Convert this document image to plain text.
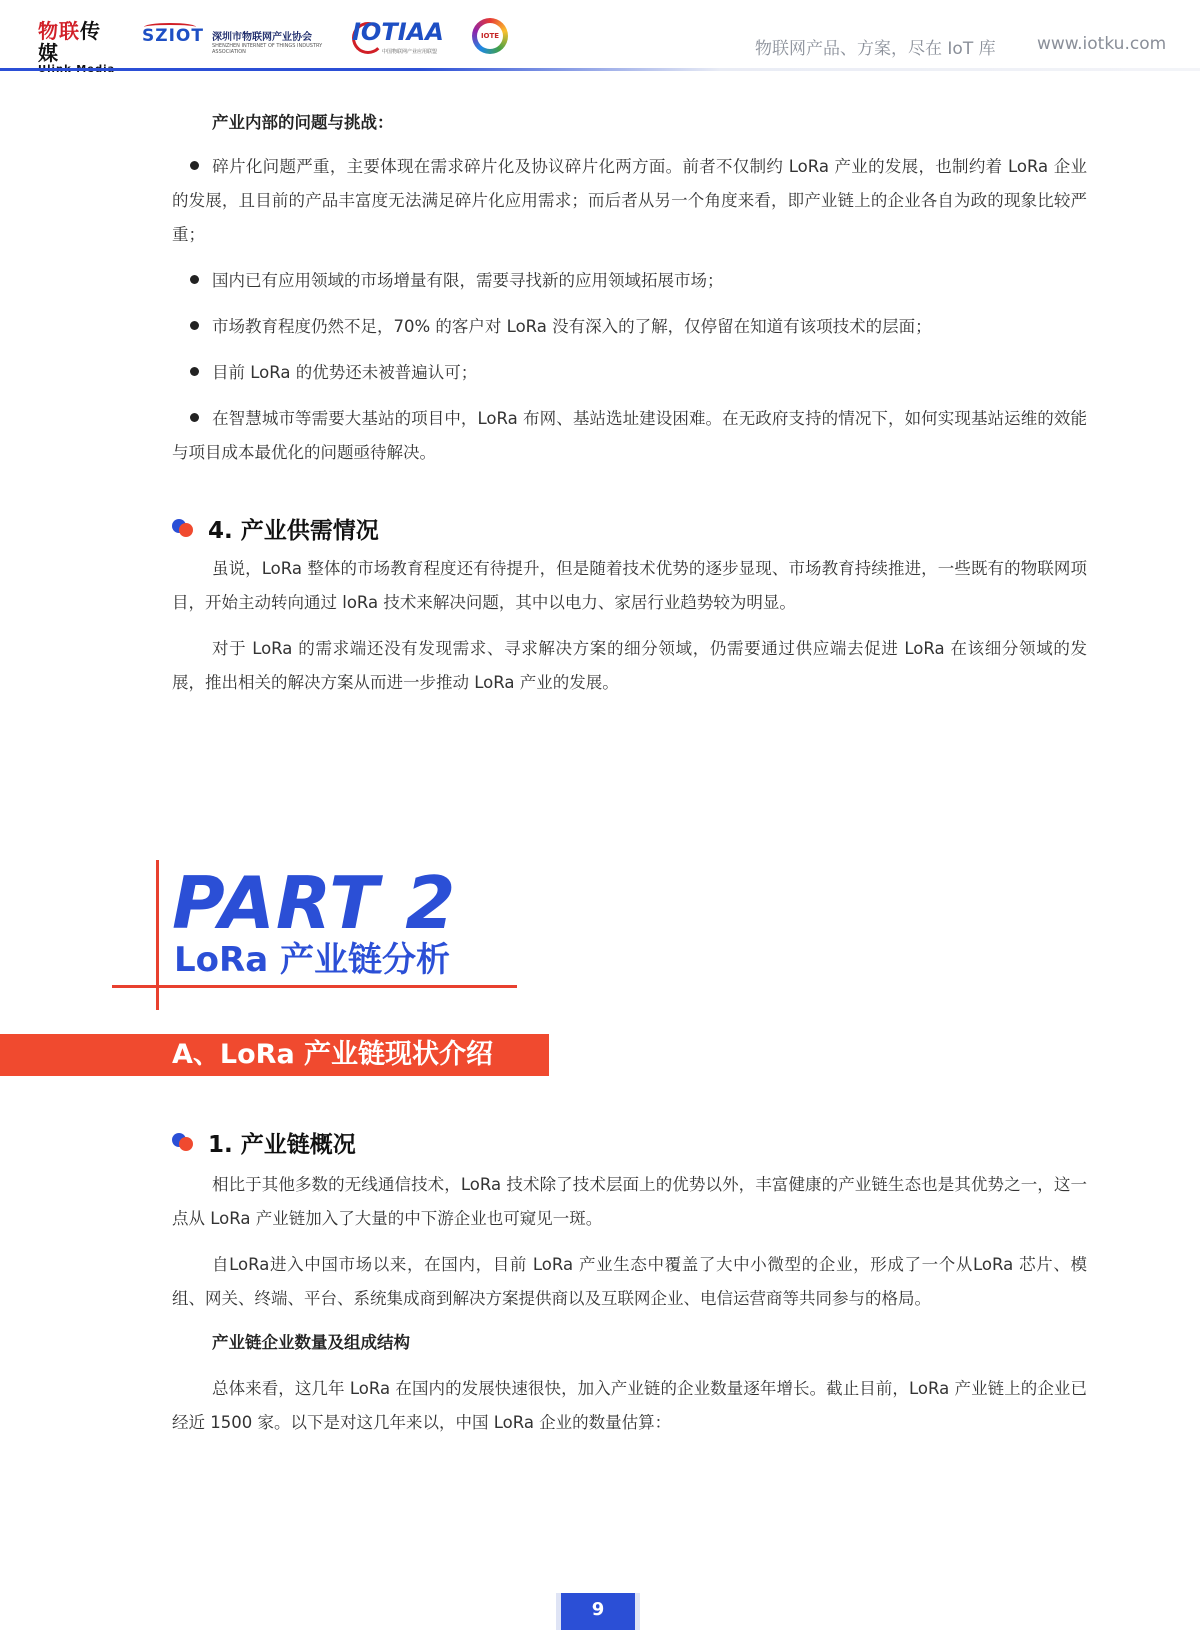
物联传媒
SZIOT 深圳市物联网产业协会
SHENZHEN INTERNET OF THINGS INDUSTRY ASSOCIATION
IOTIAA
中国物联网产业应用联盟
IOTE
物联网产品、方案，尽在 IoT 库 www.iotku.com

产业内部的问题与挑战：

碎片化问题严重，主要体现在需求碎片化及协议碎片化两方面。前者不仅制约 LoRa 产业的发展，也制约着 LoRa 企业的发展，且目前的产品丰富度无法满足碎片化应用需求；而后者从另一个角度来看，即产业链上的企业各自为政的现象比较严重；

国内已有应用领域的市场增量有限，需要寻找新的应用领域拓展市场；

市场教育程度仍然不足，70% 的客户对 LoRa 没有深入的了解，仅停留在知道有该项技术的层面；

目前 LoRa 的优势还未被普遍认可；

在智慧城市等需要大基站的项目中，LoRa 布网、基站选址建设困难。在无政府支持的情况下，如何实现基站运维的效能与项目成本最优化的问题亟待解决。

4. 产业供需情况

虽说，LoRa 整体的市场教育程度还有待提升，但是随着技术优势的逐步显现、市场教育持续推进，一些既有的物联网项目，开始主动转向通过 loRa 技术来解决问题，其中以电力、家居行业趋势较为明显。

对于 LoRa 的需求端还没有发现需求、寻求解决方案的细分领域，仍需要通过供应端去促进 LoRa 在该细分领域的发展，推出相关的解决方案从而进一步推动 LoRa 产业的发展。

PART 2
LoRa 产业链分析
A、LoRa 产业链现状介绍
1. 产业链概况

相比于其他多数的无线通信技术，LoRa 技术除了技术层面上的优势以外，丰富健康的产业链生态也是其优势之一，这一点从 LoRa 产业链加入了大量的中下游企业也可窥见一斑。

自LoRa进入中国市场以来，在国内，目前 LoRa 产业生态中覆盖了大中小微型的企业，形成了一个从LoRa 芯片、模组、网关、终端、平台、系统集成商到解决方案提供商以及互联网企业、电信运营商等共同参与的格局。

产业链企业数量及组成结构

总体来看，这几年 LoRa 在国内的发展快速很快，加入产业链的企业数量逐年增长。截止目前，LoRa 产业链上的企业已经近 1500 家。以下是对这几年来以，中国 LoRa 企业的数量估算：

9
